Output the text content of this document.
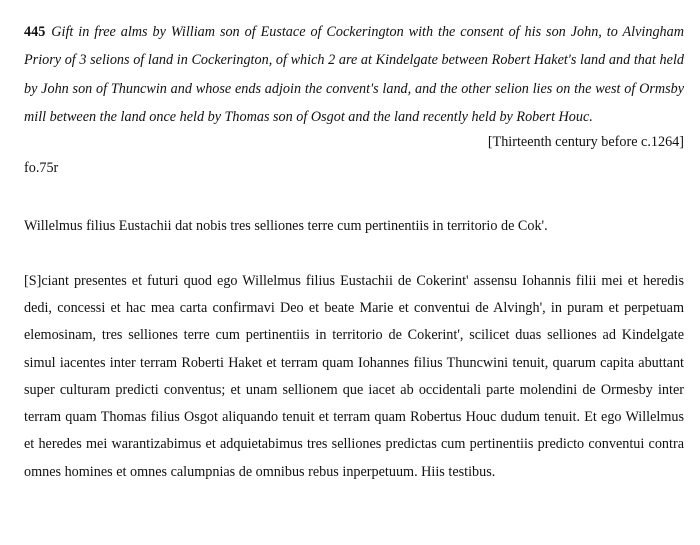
445 Gift in free alms by William son of Eustace of Cockerington with the consent of his son John, to Alvingham Priory of 3 selions of land in Cockerington, of which 2 are at Kindelgate between Robert Haket's land and that held by John son of Thuncwin and whose ends adjoin the convent's land, and the other selion lies on the west of Ormsby mill between the land once held by Thomas son of Osgot and the land recently held by Robert Houc.

[Thirteenth century before c.1264]

fo.75r

Willelmus filius Eustachii dat nobis tres selliones terre cum pertinentiis in territorio de Cok'.

[S]ciant presentes et futuri quod ego Willelmus filius Eustachii de Cokerint' assensu Iohannis filii mei et heredis dedi, concessi et hac mea carta confirmavi Deo et beate Marie et conventui de Alvingh', in puram et perpetuam elemosinam, tres selliones terre cum pertinentiis in territorio de Cokerint', scilicet duas selliones ad Kindelgate simul iacentes inter terram Roberti Haket et terram quam Iohannes filius Thuncwini tenuit, quarum capita abuttant super culturam predicti conventus; et unam sellionem que iacet ab occidentali parte molendini de Ormesby inter terram quam Thomas filius Osgot aliquando tenuit et terram quam Robertus Houc dudum tenuit. Et ego Willelmus et heredes mei warantizabimus et adquietabimus tres selliones predictas cum pertinentiis predicto conventui contra omnes homines et omnes calumpnias de omnibus rebus inperpetuum. Hiis testibus.
